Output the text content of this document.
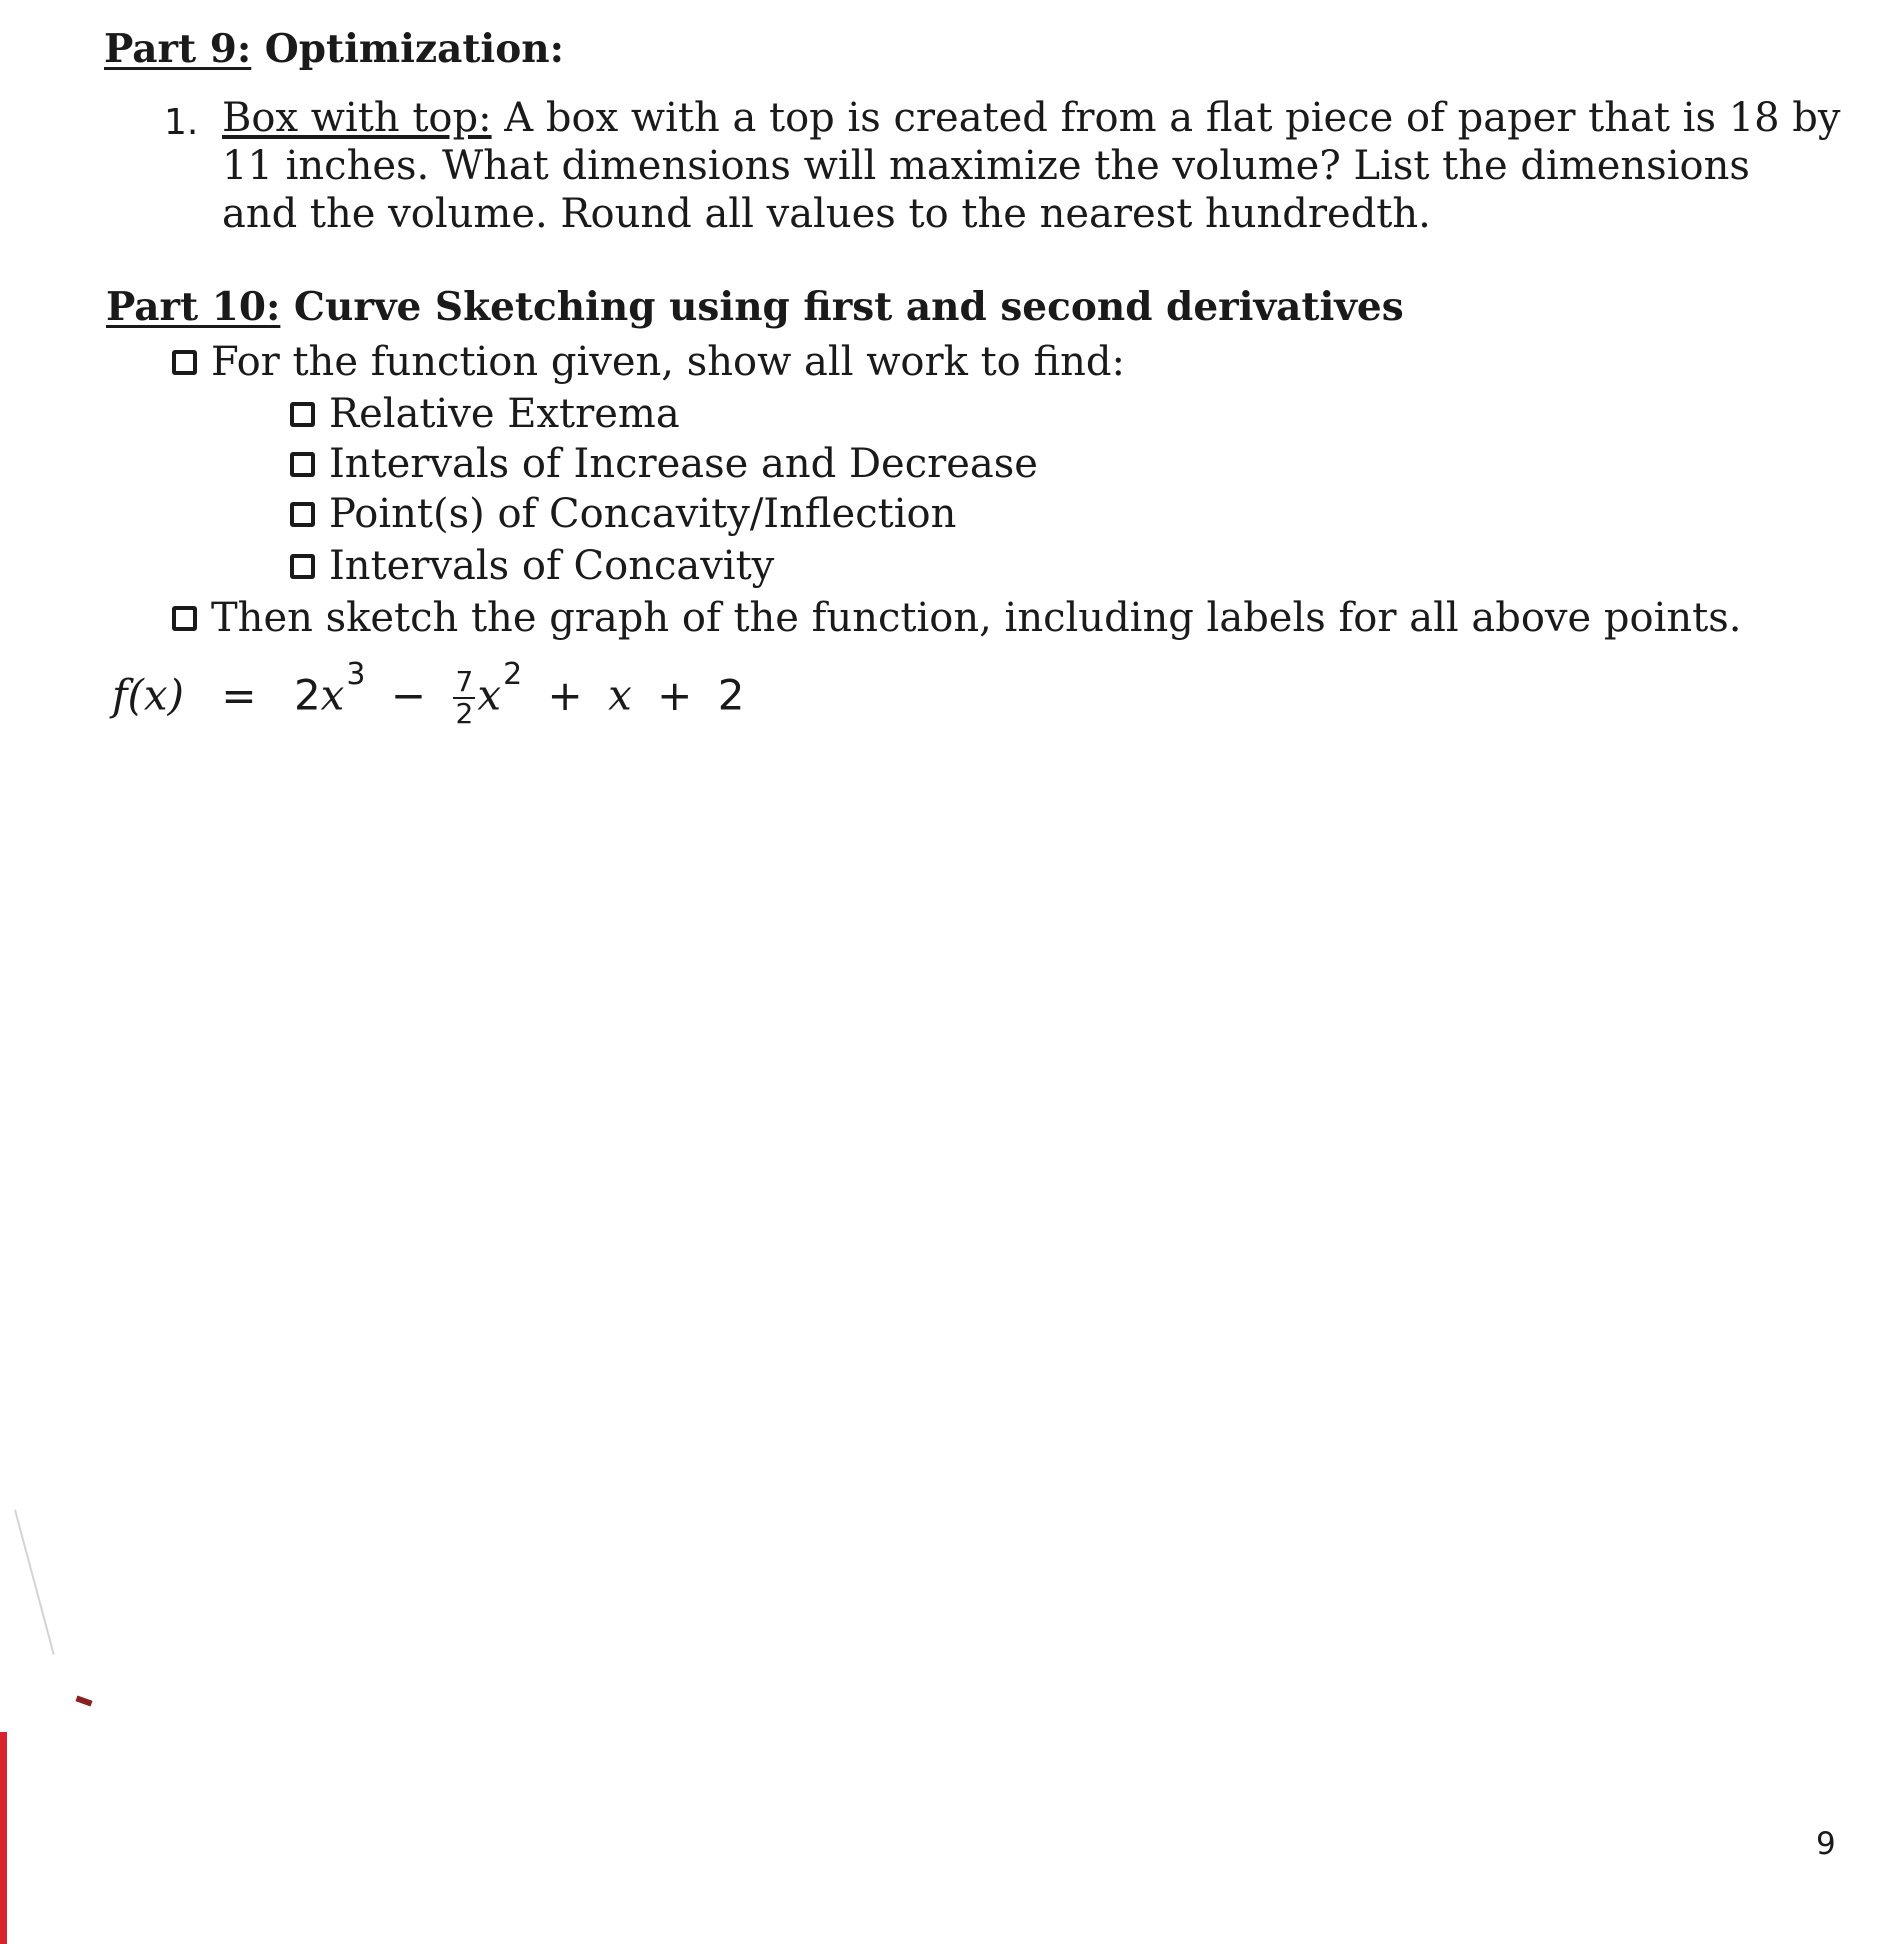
Part 9: Optimization:
1. Box with top: A box with a top is created from a flat piece of paper that is 18 by
11 inches. What dimensions will maximize the volume? List the dimensions
and the volume. Round all values to the nearest hundredth.
Part 10: Curve Sketching using first and second derivatives
For the function given, show all work to find:
Relative Extrema
Intervals of Increase and Decrease
Point(s) of Concavity/Inflection
Intervals of Concavity
Then sketch the graph of the function, including labels for all above points.
$f(x) = 2x^3 - \frac{7}{2} x^2 + x + 2$
9
